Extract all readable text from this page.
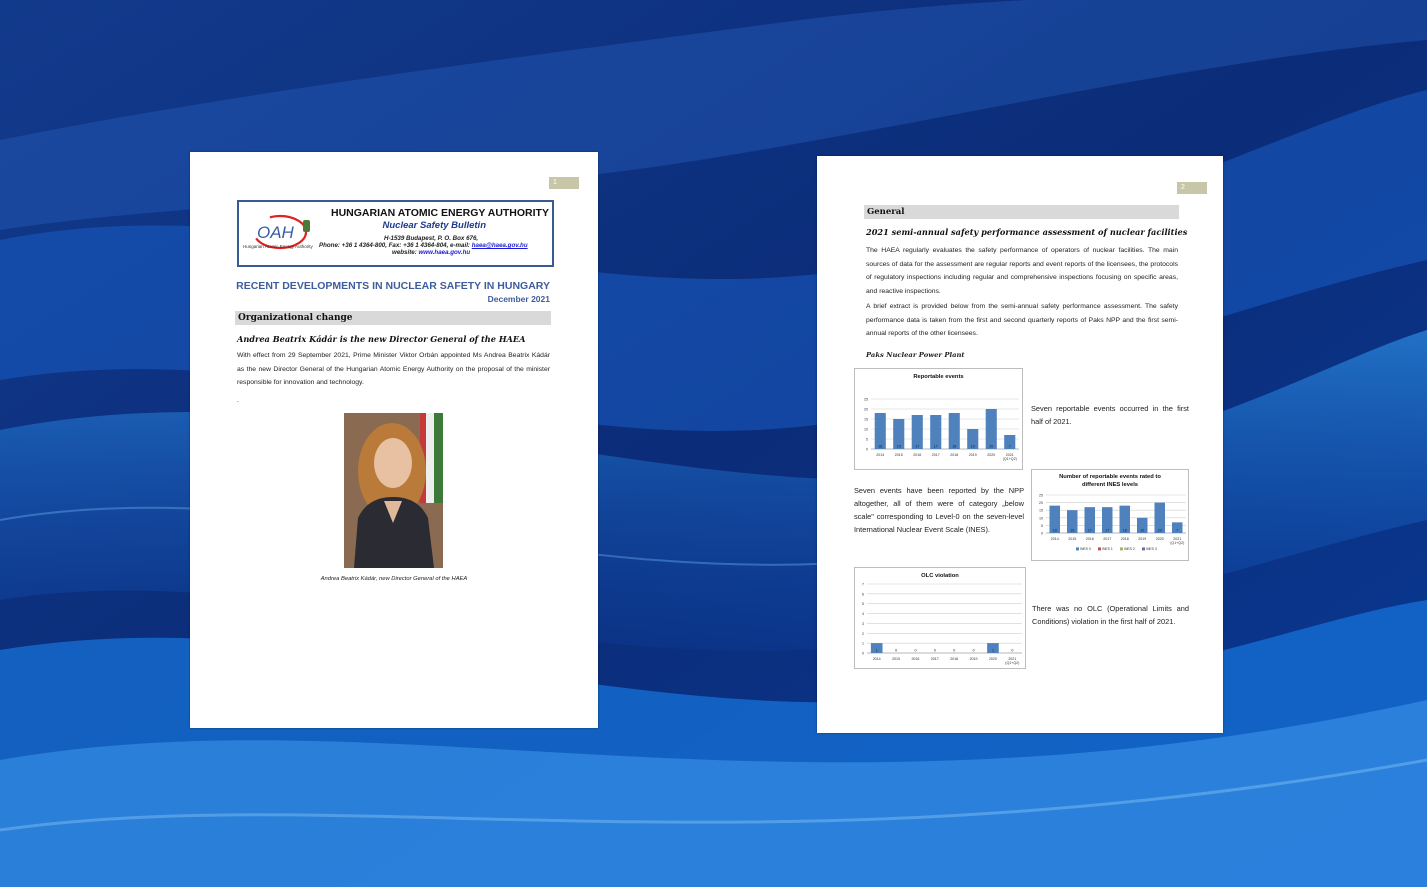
1
OAH
Hungarian Atomic Energy Authority
HUNGARIAN ATOMIC ENERGY AUTHORITY
Nuclear Safety Bulletin
H-1539 Budapest, P. O. Box 676,
Phone: +36 1 4364-800, Fax: +36 1 4364-804, e-mail: haea@haea.gov.hu
website: www.haea.gov.hu
RECENT DEVELOPMENTS IN NUCLEAR SAFETY IN HUNGARY
December 2021
Organizational change
Andrea Beatrix Kádár is the new Director General of the HAEA
With effect from 29 September 2021, Prime Minister Viktor Orbán appointed Ms Andrea Beatrix Kádár as the new Director General of the Hungarian Atomic Energy Authority on the proposal of the minister responsible for innovation and technology.
.
Andrea Beatrix Kádár, new Director General of the HAEA
2
General
2021 semi-annual safety performance assessment of nuclear facilities
The HAEA regularly evaluates the safety performance of operators of nuclear facilities. The main sources of data for the assessment are regular reports and event reports of the licensees, the protocols of regulatory inspections including regular and comprehensive inspections focusing on specific areas, and reactive inspections.
A brief extract is provided below from the semi-annual safety performance assessment. The safety performance data is taken from the first and second quarterly reports of Paks NPP and the first semi-annual reports of the other licensees.
Paks Nuclear Power Plant
Reportable events
0
5
10
15
20
25
18
2014
15
2015
17
2016
17
2017
18
2018
10
2019
20
2020
7
2021 (Q1+Q2)
Seven reportable events occurred in the first half of 2021.
Seven events have been reported by the NPP altogether, all of them were of category „below scale" corresponding to Level-0 on the seven-level International Nuclear Event Scale (INES).
Number of reportable events rated to different INES levels
0
5
10
15
20
25
18
2014
15
2015
17
2016
17
2017
18
2018
10
2019
20
2020
7
2021 (Q1+Q2)
INES 0	INES 1	INES 2	INES 3
OLC violation
0
1
2
3
4
5
6
7
1
2014
0
2015
0
2016
0
2017
0
2018
0
2019
1
2020
0
2021 (Q1+Q2)
There was no OLC (Operational Limits and Conditions) violation in the first half of 2021.
